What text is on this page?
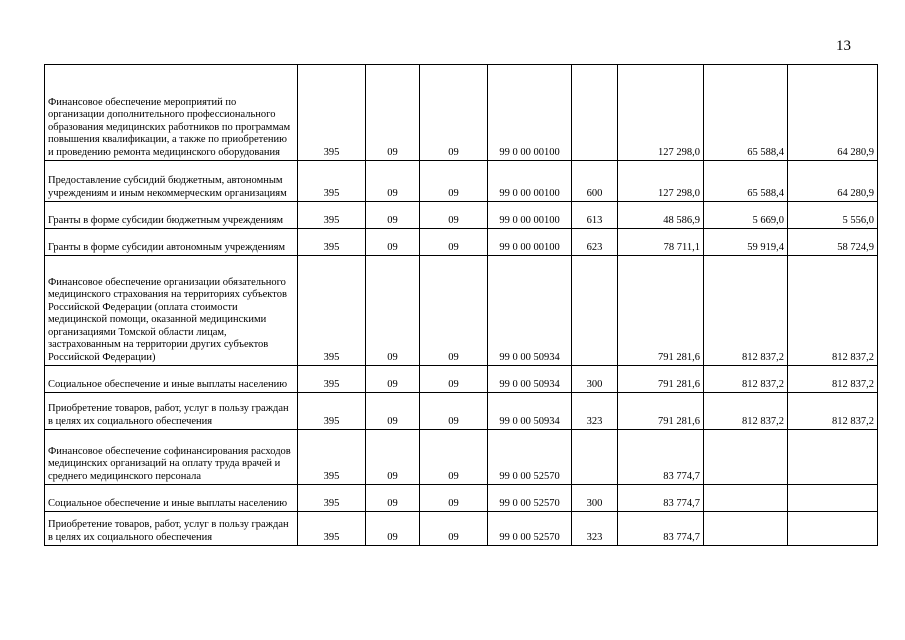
13
Финансовое обеспечение мероприятий по организации дополнительного профессионального образования медицинских работников по программам повышения квалификации, а также по приобретению и проведению ремонта медицинского оборудования	395	09	09	99 0 00 00100		127 298,0	65 588,4	64 280,9
Предоставление субсидий бюджетным, автономным учреждениям и иным некоммерческим организациям	395	09	09	99 0 00 00100	600	127 298,0	65 588,4	64 280,9
Гранты в форме субсидии бюджетным учреждениям	395	09	09	99 0 00 00100	613	48 586,9	5 669,0	5 556,0
Гранты в форме субсидии автономным учреждениям	395	09	09	99 0 00 00100	623	78 711,1	59 919,4	58 724,9
Финансовое обеспечение организации обязательного медицинского страхования на территориях субъектов Российской Федерации (оплата стоимости медицинской помощи, оказанной медицинскими организациями Томской области лицам, застрахованным на территории других субъектов Российской Федерации)	395	09	09	99 0 00 50934		791 281,6	812 837,2	812 837,2
Социальное обеспечение и иные выплаты населению	395	09	09	99 0 00 50934	300	791 281,6	812 837,2	812 837,2
Приобретение товаров, работ, услуг в пользу граждан в целях их социального обеспечения	395	09	09	99 0 00 50934	323	791 281,6	812 837,2	812 837,2
Финансовое обеспечение софинансирования расходов медицинских организаций на оплату труда врачей и среднего медицинского персонала	395	09	09	99 0 00 52570		83 774,7		
Социальное обеспечение и иные выплаты населению	395	09	09	99 0 00 52570	300	83 774,7		
Приобретение товаров, работ, услуг в пользу граждан в целях их социального обеспечения	395	09	09	99 0 00 52570	323	83 774,7		
